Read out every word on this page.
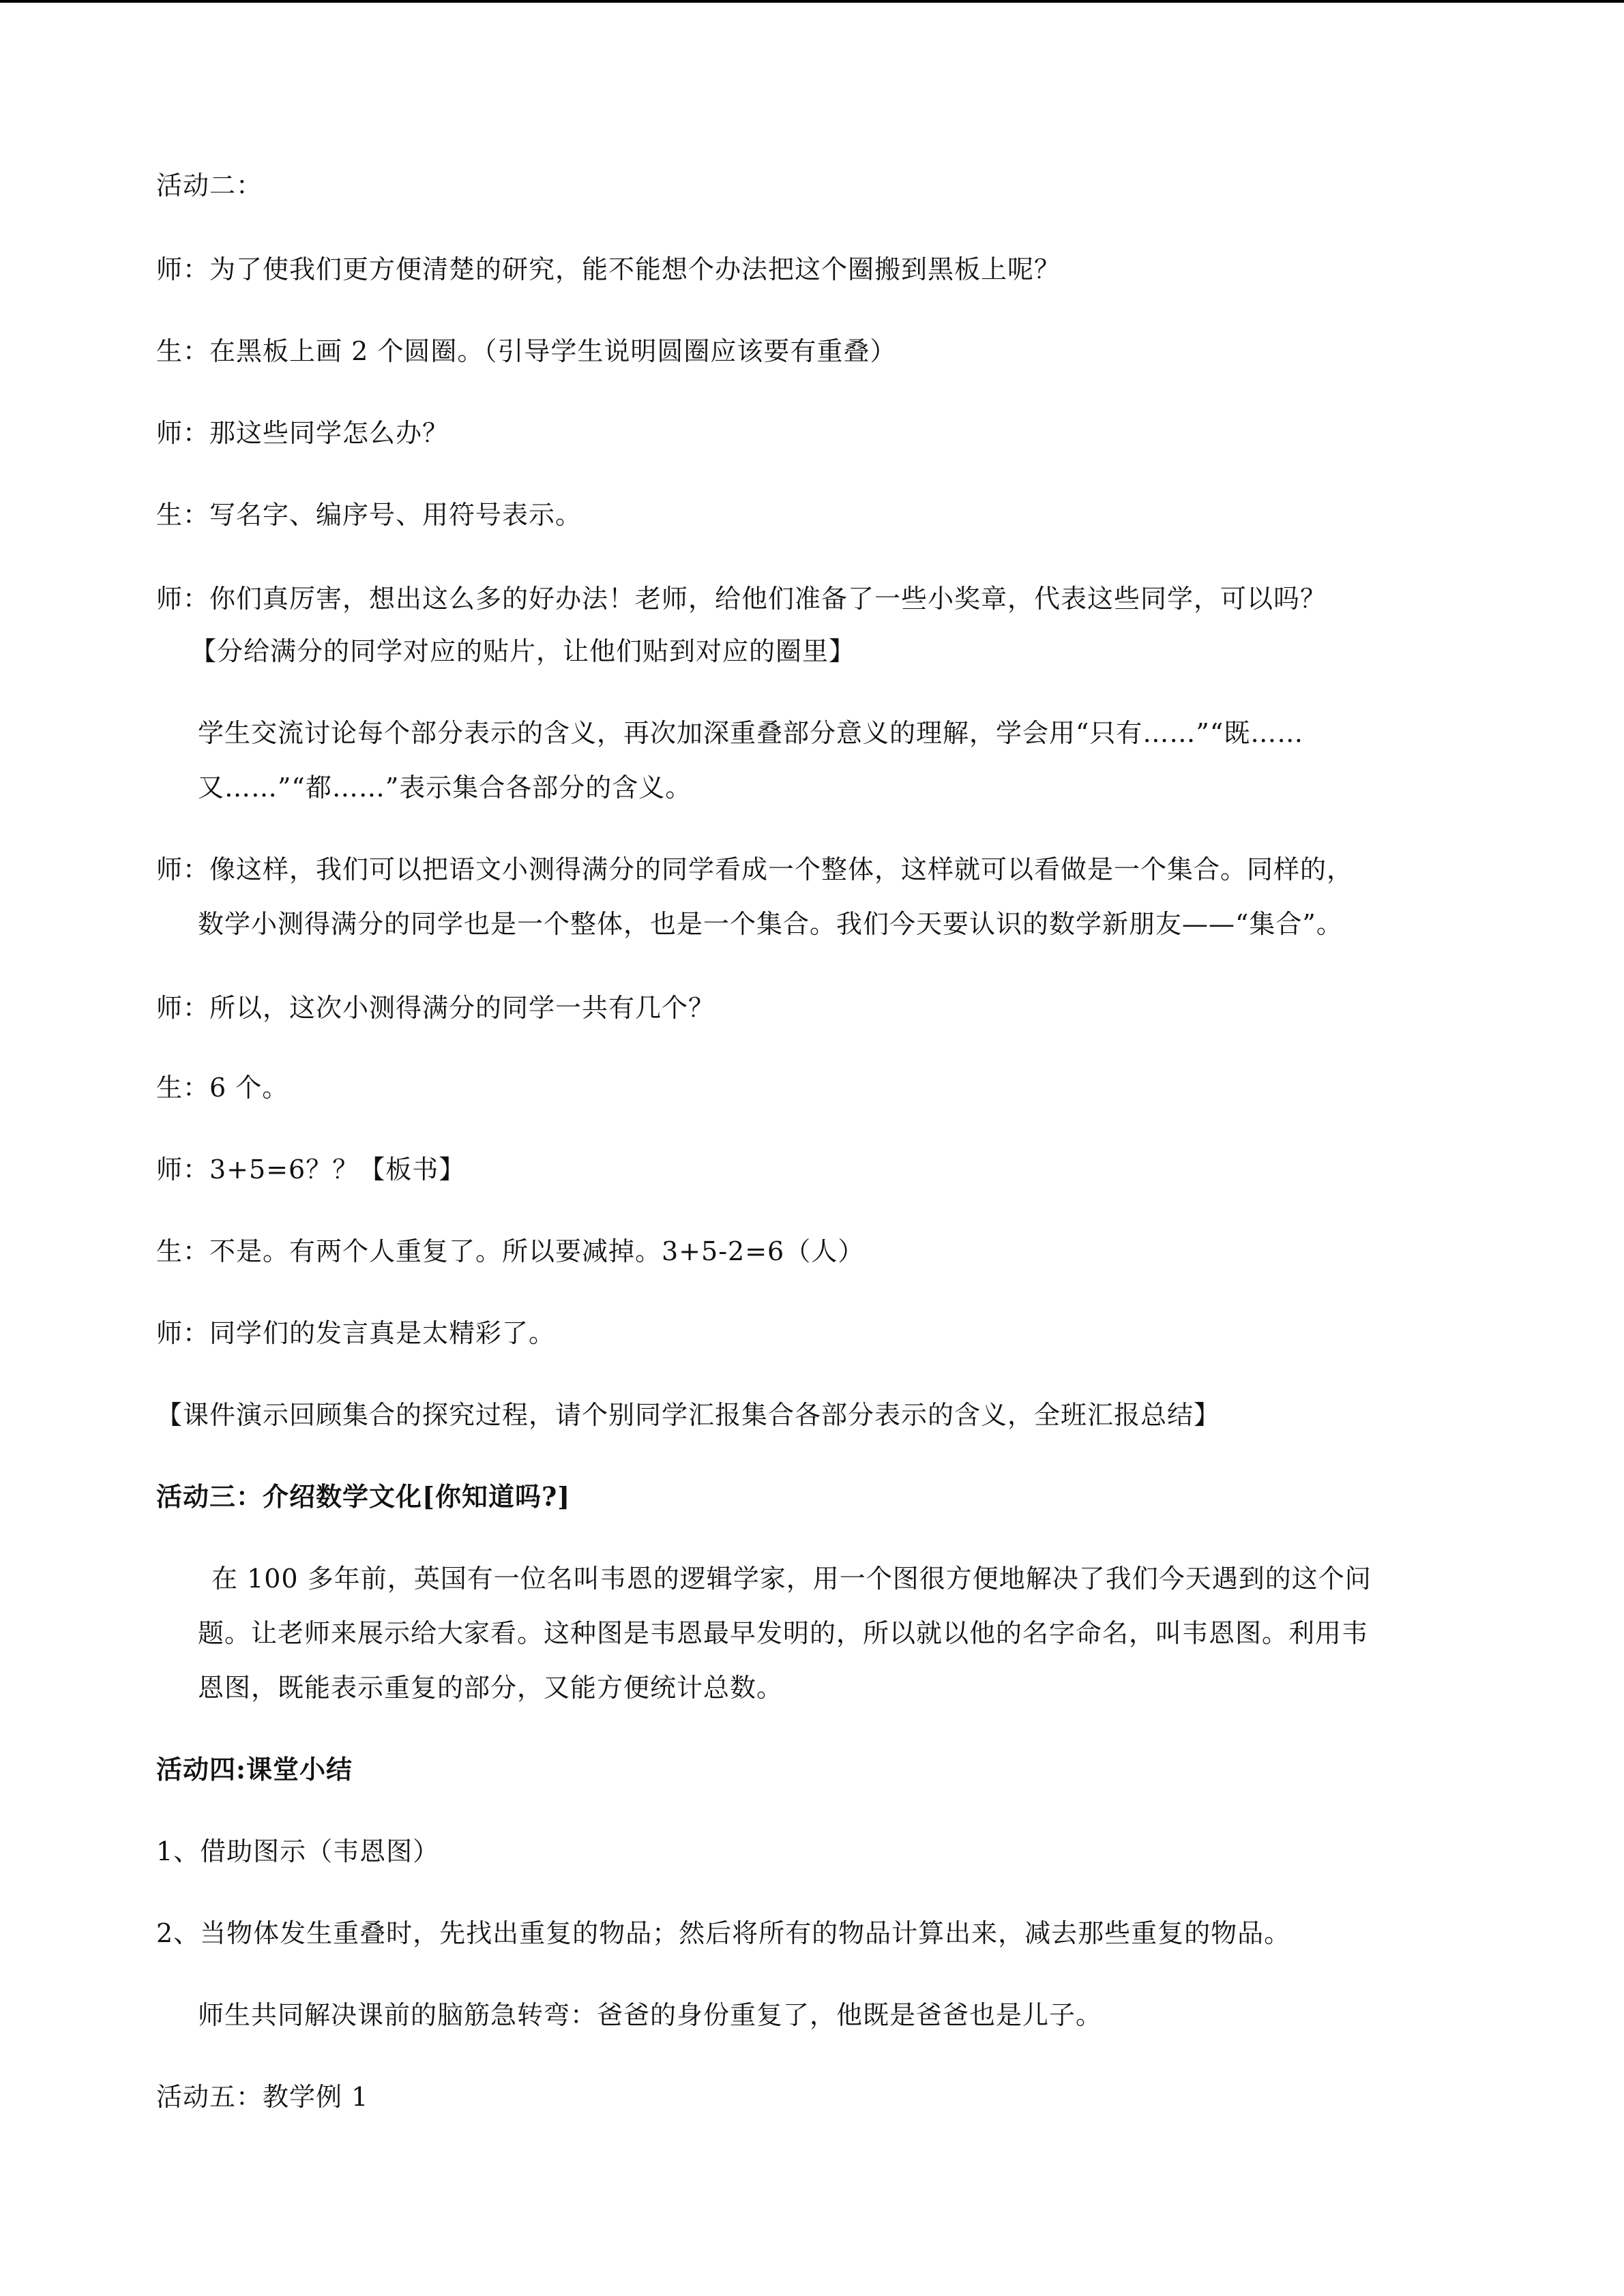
活动二：
师：为了使我们更方便清楚的研究，能不能想个办法把这个圈搬到黑板上呢？
生：在黑板上画 2 个圆圈。（引导学生说明圆圈应该要有重叠）
师：那这些同学怎么办？
生：写名字、编序号、用符号表示。
师：你们真厉害，想出这么多的好办法！老师，给他们准备了一些小奖章，代表这些同学，可以吗？
【分给满分的同学对应的贴片，让他们贴到对应的圈里】
学生交流讨论每个部分表示的含义，再次加深重叠部分意义的理解，学会用“只有……”“既……
又……”“都……”表示集合各部分的含义。
师：像这样，我们可以把语文小测得满分的同学看成一个整体，这样就可以看做是一个集合。同样的，
数学小测得满分的同学也是一个整体，也是一个集合。我们今天要认识的数学新朋友——“集合”。
师：所以，这次小测得满分的同学一共有几个？
生：6 个。
师：3+5=6？？【板书】
生：不是。有两个人重复了。所以要减掉。3+5-2=6（人）
师：同学们的发言真是太精彩了。
【课件演示回顾集合的探究过程，请个别同学汇报集合各部分表示的含义，全班汇报总结】
活动三：介绍数学文化[你知道吗?]
在 100 多年前，英国有一位名叫韦恩的逻辑学家，用一个图很方便地解决了我们今天遇到的这个问
题。让老师来展示给大家看。这种图是韦恩最早发明的，所以就以他的名字命名，叫韦恩图。利用韦
恩图，既能表示重复的部分，又能方便统计总数。
活动四:课堂小结
1、借助图示（韦恩图）
2、当物体发生重叠时，先找出重复的物品；然后将所有的物品计算出来，减去那些重复的物品。
师生共同解决课前的脑筋急转弯：爸爸的身份重复了，他既是爸爸也是儿子。
活动五：教学例 1
